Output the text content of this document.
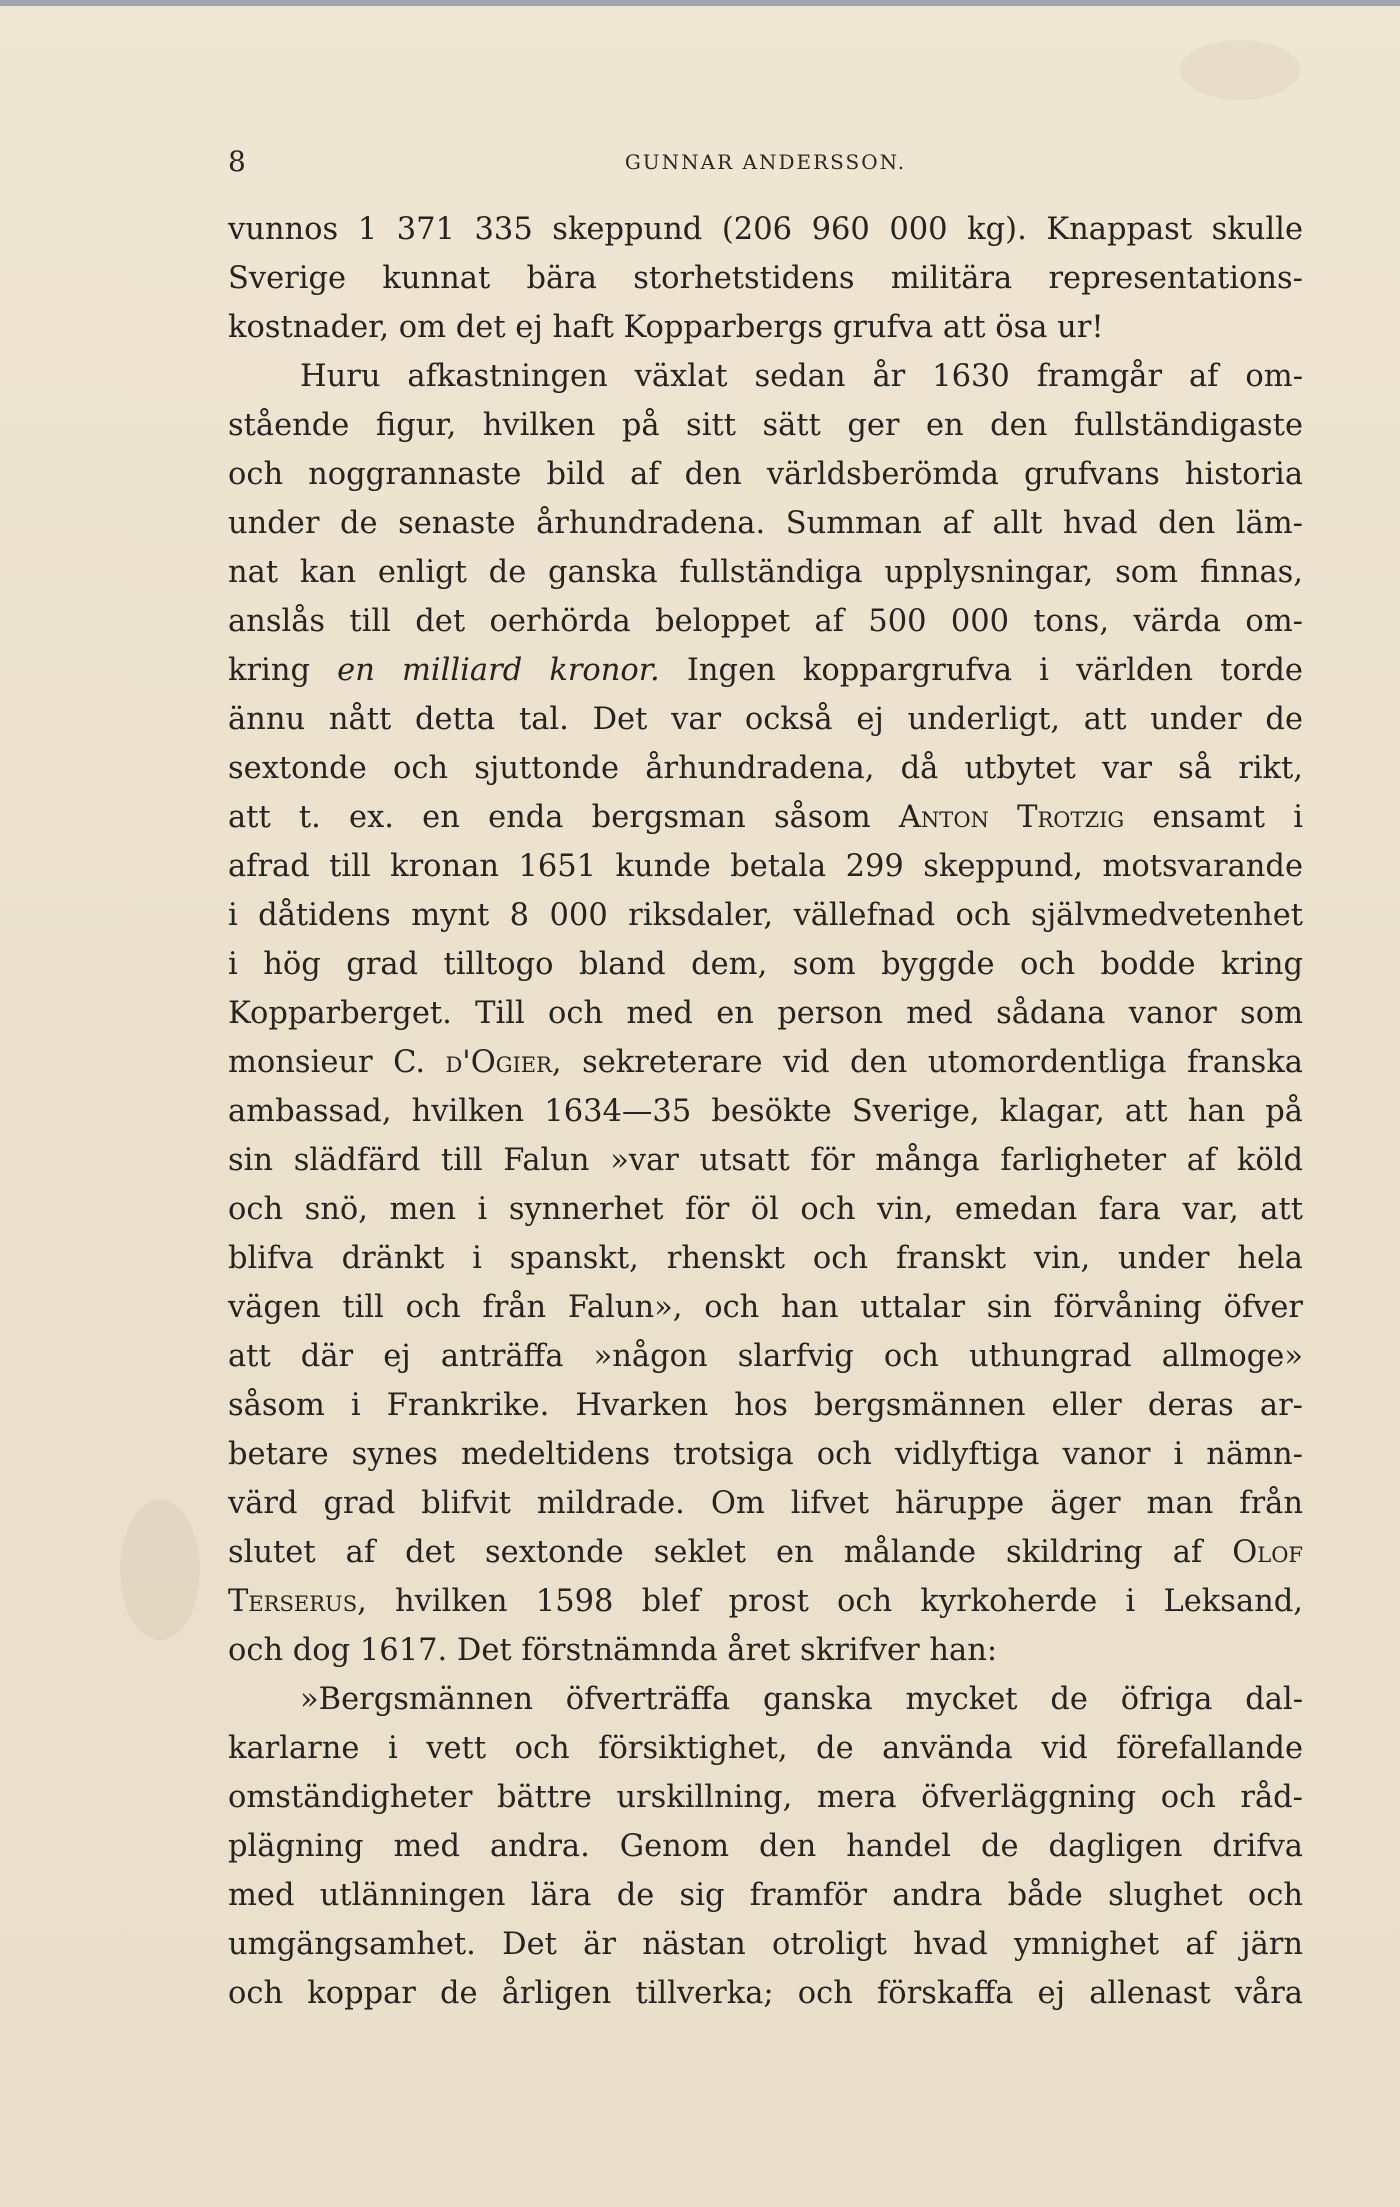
8	GUNNAR ANDERSSON.
vunnos 1 371 335 skeppund (206 960 000 kg). Knappast skulle
Sverige kunnat bära storhetstidens militära representations-
kostnader, om det ej haft Kopparbergs grufva att ösa ur!
Huru afkastningen växlat sedan år 1630 framgår af om-
stående figur, hvilken på sitt sätt ger en den fullständigaste
och noggrannaste bild af den världsberömda grufvans historia
under de senaste århundradena. Summan af allt hvad den läm-
nat kan enligt de ganska fullständiga upplysningar, som finnas,
anslås till det oerhörda beloppet af 500 000 tons, värda om-
kring en milliard kronor. Ingen koppargrufva i världen torde
ännu nått detta tal. Det var också ej underligt, att under de
sextonde och sjuttonde århundradena, då utbytet var så rikt,
att t. ex. en enda bergsman såsom Anton Trotzig ensamt i
afrad till kronan 1651 kunde betala 299 skeppund, motsvarande
i dåtidens mynt 8 000 riksdaler, vällefnad och självmedvetenhet
i hög grad tilltogo bland dem, som byggde och bodde kring
Kopparberget. Till och med en person med sådana vanor som
monsieur C. d'Ogier, sekreterare vid den utomordentliga franska
ambassad, hvilken 1634—35 besökte Sverige, klagar, att han på
sin slädfärd till Falun »var utsatt för många farligheter af köld
och snö, men i synnerhet för öl och vin, emedan fara var, att
blifva dränkt i spanskt, rhenskt och franskt vin, under hela
vägen till och från Falun», och han uttalar sin förvåning öfver
att där ej anträffa »någon slarfvig och uthungrad allmoge»
såsom i Frankrike. Hvarken hos bergsmännen eller deras ar-
betare synes medeltidens trotsiga och vidlyftiga vanor i nämn-
värd grad blifvit mildrade. Om lifvet häruppe äger man från
slutet af det sextonde seklet en målande skildring af Olof
Terserus, hvilken 1598 blef prost och kyrkoherde i Leksand,
och dog 1617. Det förstnämnda året skrifver han:
»Bergsmännen öfverträffa ganska mycket de öfriga dal-
karlarne i vett och försiktighet, de använda vid förefallande
omständigheter bättre urskillning, mera öfverläggning och råd-
plägning med andra. Genom den handel de dagligen drifva
med utlänningen lära de sig framför andra både slughet och
umgängsamhet. Det är nästan otroligt hvad ymnighet af järn
och koppar de årligen tillverka; och förskaffa ej allenast våra
